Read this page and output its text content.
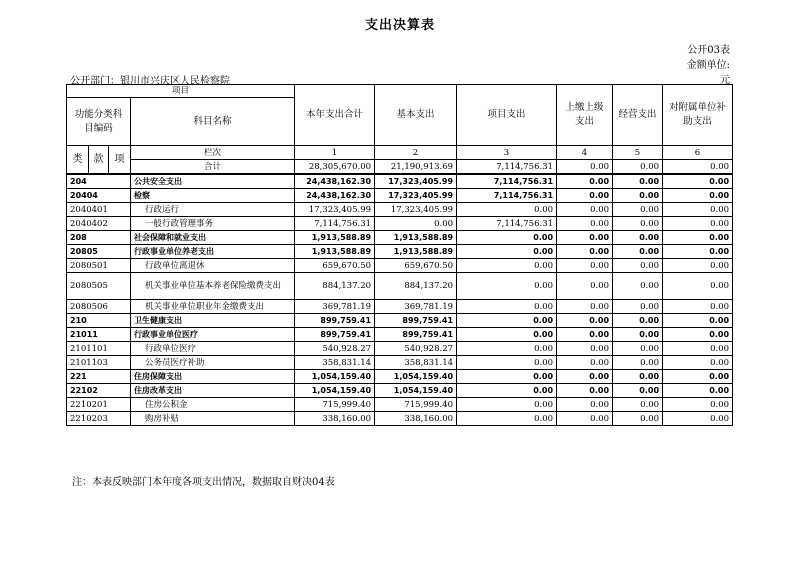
支出决算表
公开03表
金额单位:
元
公开部门：银川市兴庆区人民检察院
项目				本年支出合计	基本支出	项目支出	上缴上级支出	经营支出	对附属单位补助支出
功能分类科目编码			科目名称						
类	款	项	栏次	1	2	3	4	5	6
			合计	28,305,670.00	21,190,913.69	7,114,756.31	0.00	0.00	0.00
204			公共安全支出	24,438,162.30	17,323,405.99	7,114,756.31	0.00	0.00	0.00
20404			检察	24,438,162.30	17,323,405.99	7,114,756.31	0.00	0.00	0.00
2040401			行政运行	17,323,405.99	17,323,405.99	0.00	0.00	0.00	0.00
2040402			一般行政管理事务	7,114,756.31	0.00	7,114,756.31	0.00	0.00	0.00
208			社会保障和就业支出	1,913,588.89	1,913,588.89	0.00	0.00	0.00	0.00
20805			行政事业单位养老支出	1,913,588.89	1,913,588.89	0.00	0.00	0.00	0.00
2080501			行政单位离退休	659,670.50	659,670.50	0.00	0.00	0.00	0.00
2080505			机关事业单位基本养老保险缴费支出	884,137.20	884,137.20	0.00	0.00	0.00	0.00
2080506			机关事业单位职业年金缴费支出	369,781.19	369,781.19	0.00	0.00	0.00	0.00
210			卫生健康支出	899,759.41	899,759.41	0.00	0.00	0.00	0.00
21011			行政事业单位医疗	899,759.41	899,759.41	0.00	0.00	0.00	0.00
2101101			行政单位医疗	540,928.27	540,928.27	0.00	0.00	0.00	0.00
2101103			公务员医疗补助	358,831.14	358,831.14	0.00	0.00	0.00	0.00
221			住房保障支出	1,054,159.40	1,054,159.40	0.00	0.00	0.00	0.00
22102			住房改革支出	1,054,159.40	1,054,159.40	0.00	0.00	0.00	0.00
2210201			住房公积金	715,999.40	715,999.40	0.00	0.00	0.00	0.00
2210203			购房补贴	338,160.00	338,160.00	0.00	0.00	0.00	0.00
注：本表反映部门本年度各项支出情况，数据取自财决04表
